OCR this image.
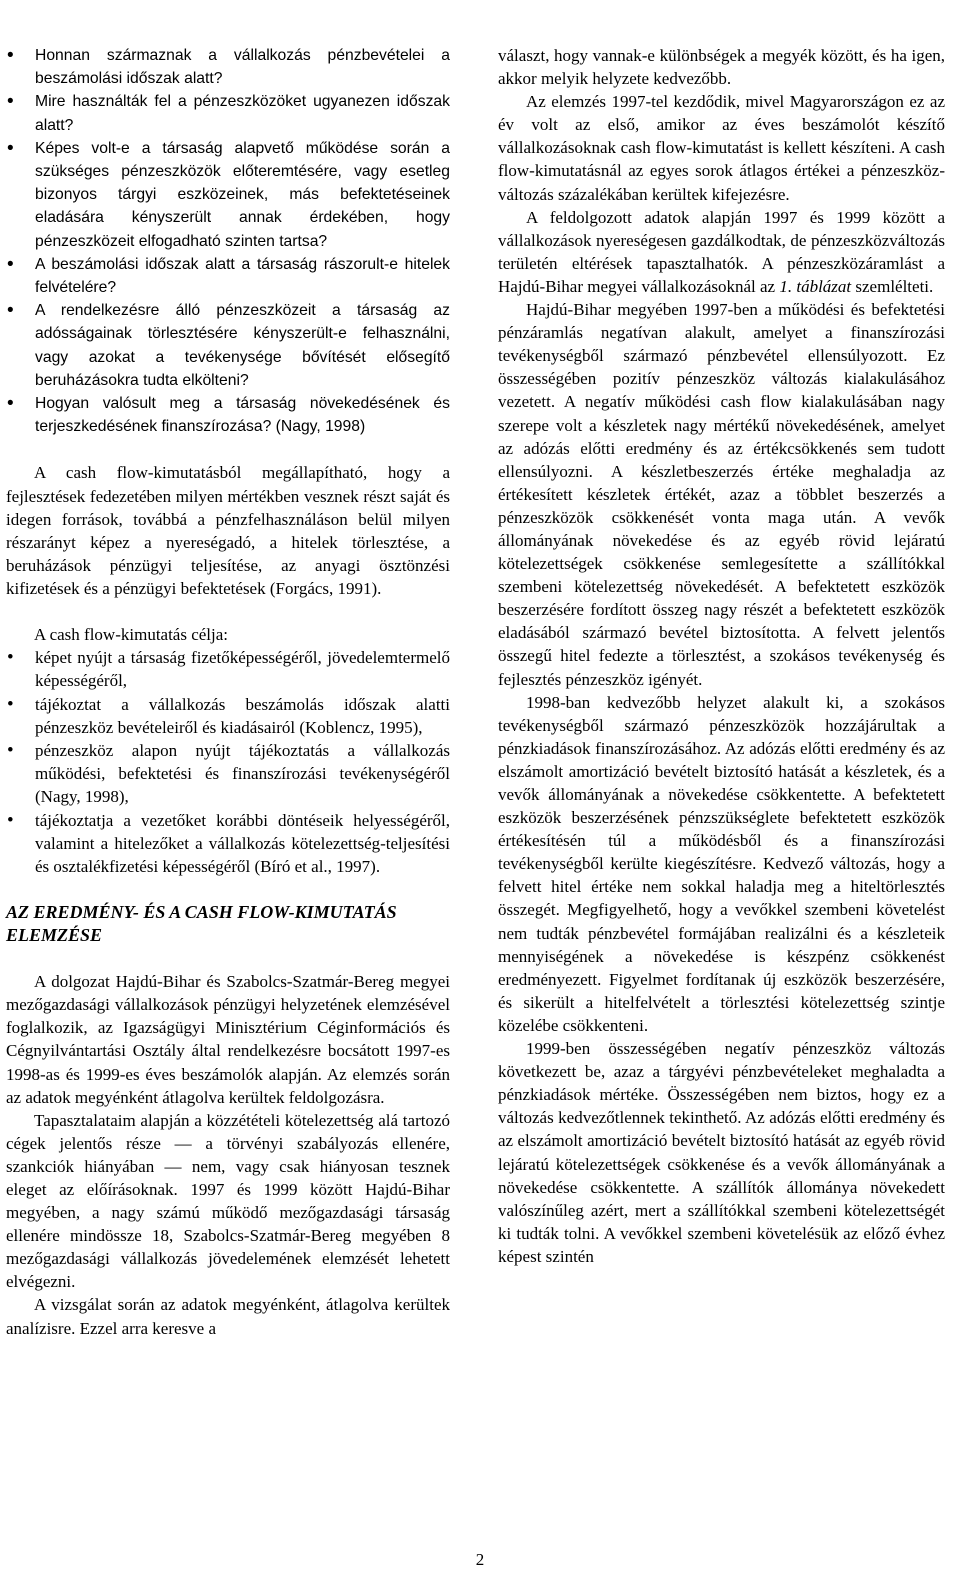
• Honnan származnak a vállalkozás pénzbevételei a beszámolási időszak alatt?
• Mire használták fel a pénzeszközöket ugyanezen időszak alatt?
• Képes volt-e a társaság alapvető működése során a szükséges pénzeszközök előteremtésére, vagy esetleg bizonyos tárgyi eszközeinek, más befektetéseinek eladására kényszerült annak érdekében, hogy pénzeszközeit elfogadható szinten tartsa?
• A beszámolási időszak alatt a társaság rászorult-e hitelek felvételére?
• A rendelkezésre álló pénzeszközeit a társaság az adósságainak törlesztésére kényszerült-e felhasználni, vagy azokat a tevékenysége bővítését elősegítő beruházásokra tudta elkölteni?
• Hogyan valósult meg a társaság növekedésének és terjeszkedésének finanszírozása? (Nagy, 1998)

A cash flow-kimutatásból megállapítható, hogy a fejlesztések fedezetében milyen mértékben vesznek részt saját és idegen források, továbbá a pénzfelhasználáson belül milyen részarányt képez a nyereségadó, a hitelek törlesztése, a beruházások pénzügyi teljesítése, az anyagi ösztönzési kifizetések és a pénzügyi befektetések (Forgács, 1991).

A cash flow-kimutatás célja:

• képet nyújt a társaság fizetőképességéről, jövedelemtermelő képességéről,
• tájékoztat a vállalkozás beszámolás időszak alatti pénzeszköz bevételeiről és kiadásairól (Koblencz, 1995),
• pénzeszköz alapon nyújt tájékoztatás a vállalkozás működési, befektetési és finanszírozási tevékenységéről (Nagy, 1998),
• tájékoztatja a vezetőket korábbi döntéseik helyességéről, valamint a hitelezőket a vállalkozás kötelezettség-teljesítési és osztalékfizetési képességéről (Bíró et al., 1997).

AZ EREDMÉNY- ÉS A CASH FLOW-KIMUTATÁS ELEMZÉSE

A dolgozat Hajdú-Bihar és Szabolcs-Szatmár-Bereg megyei mezőgazdasági vállalkozások pénzügyi helyzetének elemzésével foglalkozik, az Igazságügyi Minisztérium Céginformációs és Cégnyilvántartási Osztály által rendelkezésre bocsátott 1997-es 1998-as és 1999-es éves beszámolók alapján. Az elemzés során az adatok megyénként átlagolva kerültek feldolgozásra.

Tapasztalataim alapján a közzétételi kötelezettség alá tartozó cégek jelentős része — a törvényi szabályozás ellenére, szankciók hiányában — nem, vagy csak hiányosan tesznek eleget az előírásoknak. 1997 és 1999 között Hajdú-Bihar megyében, a nagy számú működő mezőgazdasági társaság ellenére mindössze 18, Szabolcs-Szatmár-Bereg megyében 8 mezőgazdasági vállalkozás jövedelemének elemzését lehetett elvégezni.

A vizsgálat során az adatok megyénként, átlagolva kerültek analízisre. Ezzel arra keresve a

választ, hogy vannak-e különbségek a megyék között, és ha igen, akkor melyik helyzete kedvezőbb.

Az elemzés 1997-tel kezdődik, mivel Magyarországon ez az év volt az első, amikor az éves beszámolót készítő vállalkozásoknak cash flow-kimutatást is kellett készíteni. A cash flow-kimutatásnál az egyes sorok átlagos értékei a pénzeszköz-változás százalékában kerültek kifejezésre.

A feldolgozott adatok alapján 1997 és 1999 között a vállalkozások nyereségesen gazdálkodtak, de pénzeszközváltozás területén eltérések tapasztalhatók. A pénzeszközáramlást a Hajdú-Bihar megyei vállalkozásoknál az 1. táblázat szemlélteti.

Hajdú-Bihar megyében 1997-ben a működési és befektetési pénzáramlás negatívan alakult, amelyet a finanszírozási tevékenységből származó pénzbevétel ellensúlyozott. Ez összességében pozitív pénzeszköz változás kialakulásához vezetett. A negatív működési cash flow kialakulásában nagy szerepe volt a készletek nagy mértékű növekedésének, amelyet az adózás előtti eredmény és az értékcsökkenés sem tudott ellensúlyozni. A készletbeszerzés értéke meghaladja az értékesített készletek értékét, azaz a többlet beszerzés a pénzeszközök csökkenését vonta maga után. A vevők állományának növekedése és az egyéb rövid lejáratú kötelezettségek csökkenése semlegesítette a szállítókkal szembeni kötelezettség növekedését. A befektetett eszközök beszerzésére fordított összeg nagy részét a befektetett eszközök eladásából származó bevétel biztosította. A felvett jelentős összegű hitel fedezte a törlesztést, a szokásos tevékenység és fejlesztés pénzeszköz igényét.

1998-ban kedvezőbb helyzet alakult ki, a szokásos tevékenységből származó pénzeszközök hozzájárultak a pénzkiadások finanszírozásához. Az adózás előtti eredmény és az elszámolt amortizáció bevételt biztosító hatását a készletek, és a vevők állományának a növekedése csökkentette. A befektetett eszközök beszerzésének pénzszükséglete befektetett eszközök értékesítésén túl a működésből és a finanszírozási tevékenységből kerülte kiegészítésre. Kedvező változás, hogy a felvett hitel értéke nem sokkal haladja meg a hiteltörlesztés összegét. Megfigyelhető, hogy a vevőkkel szembeni követelést nem tudták pénzbevétel formájában realizálni és a készleteik mennyiségének a növekedése is készpénz csökkenést eredményezett. Figyelmet fordítanak új eszközök beszerzésére, és sikerült a hitelfelvételt a törlesztési kötelezettség szintje közelébe csökkenteni.

1999-ben összességében negatív pénzeszköz változás következett be, azaz a tárgyévi pénzbevételeket meghaladta a pénzkiadások mértéke. Összességében nem biztos, hogy ez a változás kedvezőtlennek tekinthető. Az adózás előtti eredmény és az elszámolt amortizáció bevételt biztosító hatását az egyéb rövid lejáratú kötelezettségek csökkenése és a vevők állományának a növekedése csökkentette. A szállítók állománya növekedett valószínűleg azért, mert a szállítókkal szembeni kötelezettségét ki tudták tolni. A vevőkkel szembeni követelésük az előző évhez képest szintén

2
